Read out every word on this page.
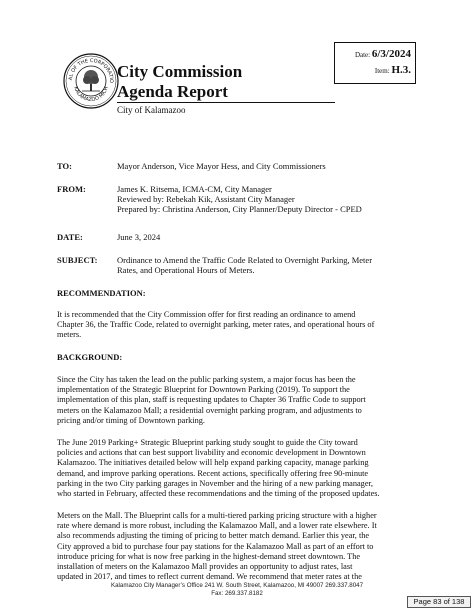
AL OF THE CORPORATIO
KALAMAZOO MICH
City Commission
Agenda Report
City of Kalamazoo
Date: 6/3/2024
Item: H.3.
TO:	Mayor Anderson, Vice Mayor Hess, and City Commissioners
FROM:	James K. Ritsema, ICMA-CM, City Manager
Reviewed by: Rebekah Kik, Assistant City Manager
Prepared by: Christina Anderson, City Planner/Deputy Director - CPED
DATE:	June 3, 2024
SUBJECT: Ordinance to Amend the Traffic Code Related to Overnight Parking, Meter
Rates, and Operational Hours of Meters.
RECOMMENDATION:
It is recommended that the City Commission offer for first reading an ordinance to amend
Chapter 36, the Traffic Code, related to overnight parking, meter rates, and operational hours of
meters.
BACKGROUND:
Since the City has taken the lead on the public parking system, a major focus has been the
implementation of the Strategic Blueprint for Downtown Parking (2019). To support the
implementation of this plan, staff is requesting updates to Chapter 36 Traffic Code to support
meters on the Kalamazoo Mall; a residential overnight parking program, and adjustments to
pricing and/or timing of Downtown parking.
The June 2019 Parking+ Strategic Blueprint parking study sought to guide the City toward
policies and actions that can best support livability and economic development in Downtown
Kalamazoo. The initiatives detailed below will help expand parking capacity, manage parking
demand, and improve parking operations. Recent actions, specifically offering free 90-minute
parking in the two City parking garages in November and the hiring of a new parking manager,
who started in February, affected these recommendations and the timing of the proposed updates.
Meters on the Mall. The Blueprint calls for a multi-tiered parking pricing structure with a higher
rate where demand is more robust, including the Kalamazoo Mall, and a lower rate elsewhere. It
also recommends adjusting the timing of pricing to better match demand. Earlier this year, the
City approved a bid to purchase four pay stations for the Kalamazoo Mall as part of an effort to
introduce pricing for what is now free parking in the highest-demand street downtown. The
installation of meters on the Kalamazoo Mall provides an opportunity to adjust rates, last
updated in 2017, and times to reflect current demand. We recommend that meter rates at the
Kalamazoo City Manager’s Office 241 W. South Street, Kalamazoo, MI 49007 269.337.8047
Fax: 269.337.8182
Page 83 of 138
